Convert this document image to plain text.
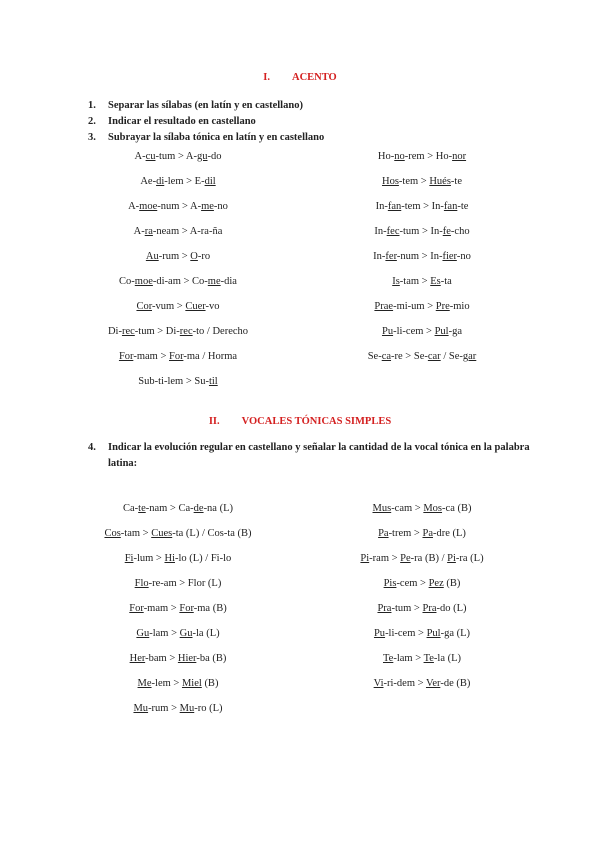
I. ACENTO
1. Separar las sílabas (en latín y en castellano)
2. Indicar el resultado en castellano
3. Subrayar la sílaba tónica en latín y en castellano
A-cu-tum > A-gu-do
Ae-di-lem > E-dil
A-moe-num > A-me-no
A-ra-neam > A-ra-ña
Au-rum > O-ro
Co-moe-di-am > Co-me-dia
Cor-vum > Cuer-vo
Di-rec-tum > Di-rec-to / Derecho
For-mam > For-ma / Horma
Sub-ti-lem > Su-til
Ho-no-rem > Ho-nor
Hos-tem > Hués-te
In-fan-tem > In-fan-te
In-fec-tum > In-fe-cho
In-fer-num > In-fier-no
Is-tam > Es-ta
Prae-mi-um > Pre-mio
Pu-li-cem > Pul-ga
Se-ca-re > Se-car / Se-gar
II. VOCALES TÓNICAS SIMPLES
4. Indicar la evolución regular en castellano y señalar la cantidad de la vocal tónica en la palabra latina:
Ca-te-nam > Ca-de-na (L)
Cos-tam > Cues-ta (L) / Cos-ta (B)
Fi-lum > Hi-lo (L) / Fi-lo
Flo-re-am > Flor (L)
For-mam > For-ma (B)
Gu-lam > Gu-la (L)
Her-bam > Hier-ba (B)
Me-lem > Miel (B)
Mu-rum > Mu-ro (L)
Mus-cam > Mos-ca (B)
Pa-trem > Pa-dre (L)
Pi-ram > Pe-ra (B) / Pi-ra (L)
Pis-cem > Pez (B)
Pra-tum > Pra-do (L)
Pu-li-cem > Pul-ga (L)
Te-lam > Te-la (L)
Vi-ri-dem > Ver-de (B)
